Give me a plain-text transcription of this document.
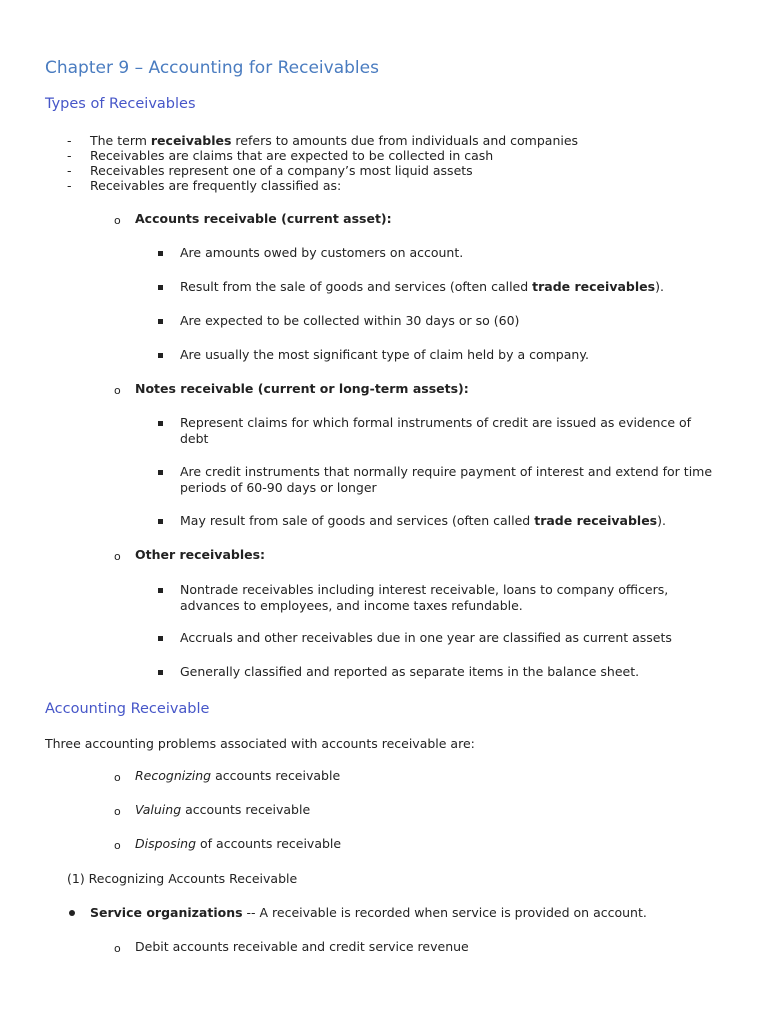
Chapter 9 – Accounting for Receivables
Types of Receivables
- The term receivables refers to amounts due from individuals and companies
- Receivables are claims that are expected to be collected in cash
- Receivables represent one of a company’s most liquid assets
- Receivables are frequently classified as:
o Accounts receivable (current asset):
Are amounts owed by customers on account.
Result from the sale of goods and services (often called trade receivables).
Are expected to be collected within 30 days or so (60)
Are usually the most significant type of claim held by a company.
o Notes receivable (current or long-term assets):
Represent claims for which formal instruments of credit are issued as evidence of
debt
Are credit instruments that normally require payment of interest and extend for time
periods of 60-90 days or longer
May result from sale of goods and services (often called trade receivables).
o Other receivables:
Nontrade receivables including interest receivable, loans to company officers,
advances to employees, and income taxes refundable.
Accruals and other receivables due in one year are classified as current assets
Generally classified and reported as separate items in the balance sheet.
Accounting Receivable
Three accounting problems associated with accounts receivable are:
o Recognizing accounts receivable
o Valuing accounts receivable
o Disposing of accounts receivable
(1) Recognizing Accounts Receivable
Service organizations -- A receivable is recorded when service is provided on account.
o Debit accounts receivable and credit service revenue
